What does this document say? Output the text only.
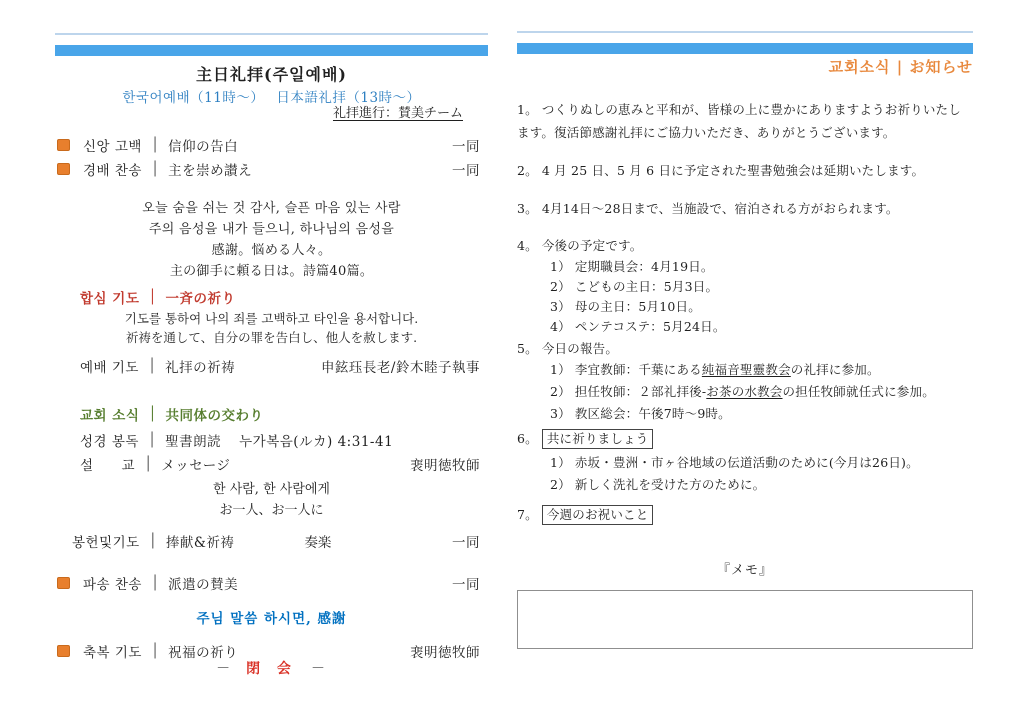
主日礼拝(주일예배)
한국어예배（11時～）　 日本語礼拝（13時～）
礼拝進行：賛美チーム
신앙 고백 │ 信仰の告白	一同
경배 찬송 │ 主を崇め讃え	一同
오늘 숨을 쉬는 것 감사, 슬픈 마음 있는 사람
주의 음성을 내가 들으니, 하나님의 음성을
感謝。悩める人々。
主の御手に頼る日は。詩篇40篇。
합심 기도 │ 一斉の祈り
기도를 통하여 나의 죄를 고백하고 타인을 용서합니다.
祈祷を通して、自分の罪を告白し、他人を赦します.
예배 기도 │ 礼拝の祈祷	申鉉珏長老/鈴木睦子執事
교회 소식 │ 共同体の交わり
성경 봉독 │ 聖書朗読 누가복음(ルカ) 4:31-41
설　　교 │ メッセージ	裵明徳牧師
한 사람, 한 사람에게
お一人、お一人に
봉헌및기도 │ 捧献&祈祷	奏楽	一同
파송 찬송 │ 派遣の賛美	一同
주님 말씀 하시면, 感謝
축복 기도 │ 祝福の祈り	裵明徳牧師
－ 閉 会 －
교회소식 | お知らせ
1。 つくりぬしの恵みと平和が、皆様の上に豊かにありますようお祈りいたします。復活節感謝礼拝にご協力いただき、ありがとうございます。
2。 4 月 25 日、5 月 6 日に予定された聖書勉強会は延期いたします。
3。 4月14日～28日まで、当施設で、宿泊される方がおられます。
4。 今後の予定です。
1） 定期職員会：4月19日。
2） こどもの主日：5月3日。
3） 母の主日：5月10日。
4） ペンテコステ：5月24日。
5。 今日の報告。
1） 李宜教師：千葉にある純福音聖靈教会の礼拝に参加。
2） 担任牧師：２部礼拝後-お茶の水教会の担任牧師就任式に参加。
3） 教区総会：午後7時～9時。
6。 共に祈りましょう
1） 赤坂・豊洲・市ヶ谷地域の伝道活動のために(今月は26日)。
2） 新しく洗礼を受けた方のために。
7。 今週のお祝いこと
『メモ』
